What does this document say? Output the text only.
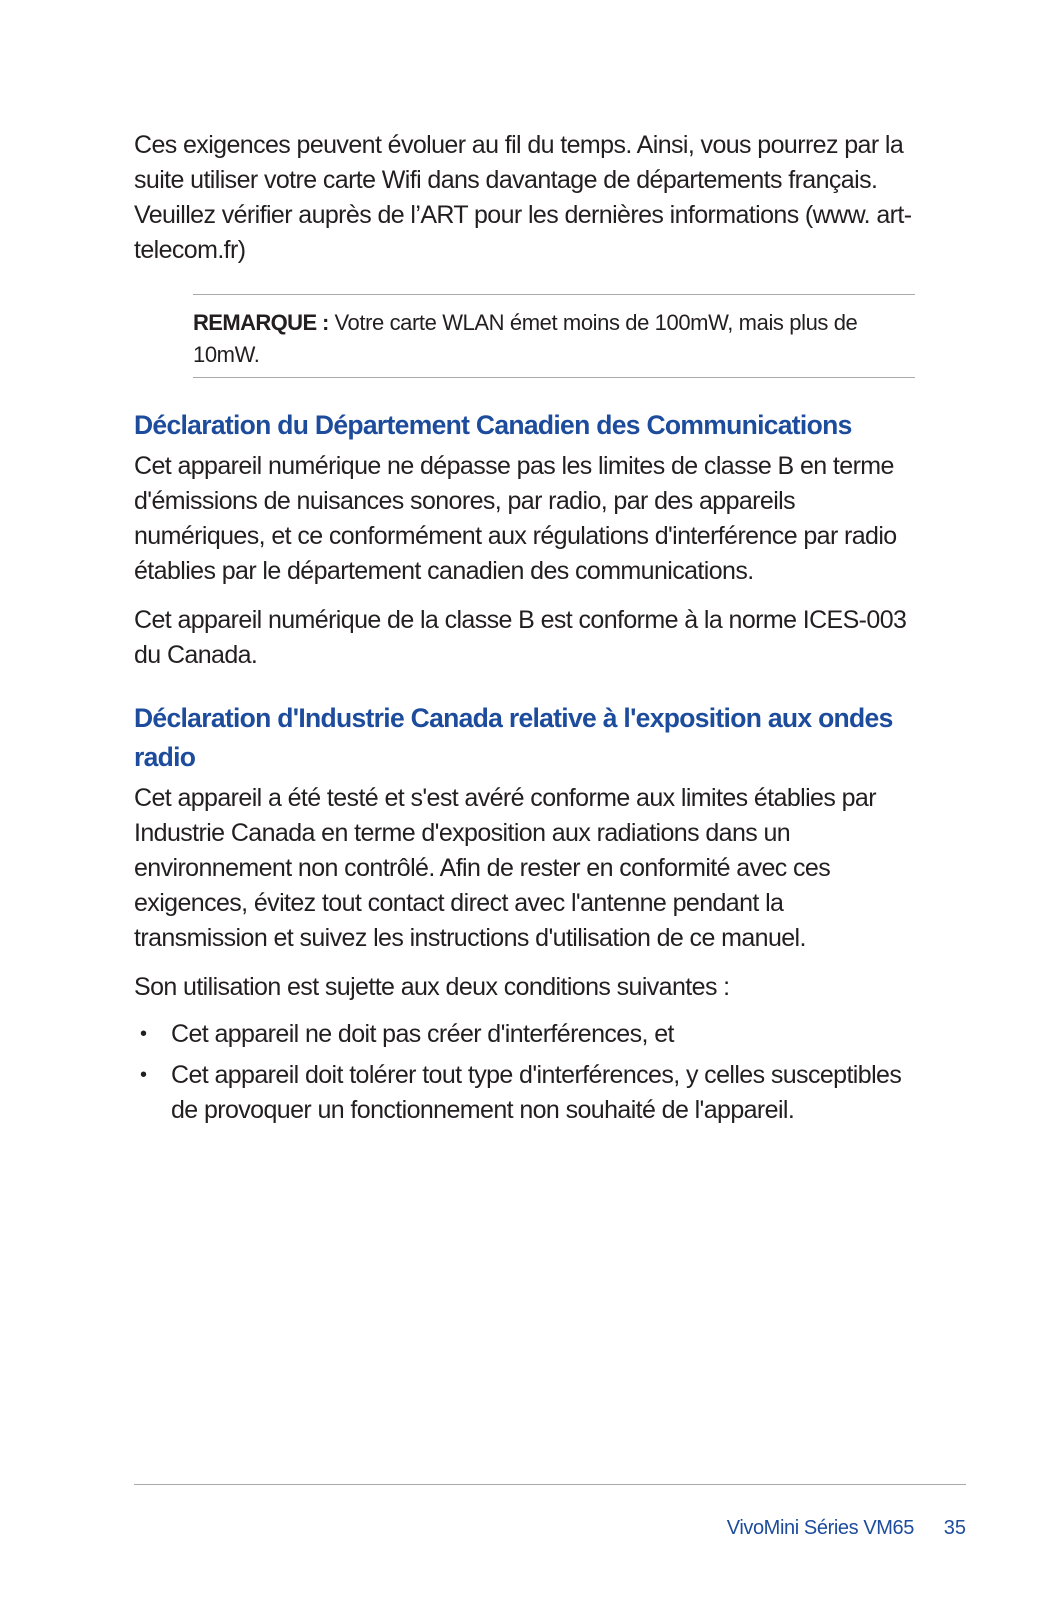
Ces exigences peuvent évoluer au fil du temps. Ainsi, vous pourrez par la suite utiliser votre carte Wifi dans davantage de départements français. Veuillez vérifier auprès de l’ART pour les dernières informations (www. art-telecom.fr)

REMARQUE : Votre carte WLAN émet moins de 100mW, mais plus de 10mW.

Déclaration du Département Canadien des Communications

Cet appareil numérique ne dépasse pas les limites de classe B en terme d'émissions de nuisances sonores, par radio, par des appareils numériques, et ce conformément aux régulations d'interférence par radio établies par le département canadien des communications.

Cet appareil numérique de la classe B est conforme à la norme ICES-003 du Canada.

Déclaration d'Industrie Canada relative à l'exposition aux ondes radio

Cet appareil a été testé et s'est avéré conforme aux limites établies par Industrie Canada en terme d'exposition aux radiations dans un environnement non contrôlé. Afin de rester en conformité avec ces exigences, évitez tout contact direct avec l'antenne pendant la transmission et suivez les instructions d'utilisation de ce manuel.

Son utilisation est sujette aux deux conditions suivantes :

• Cet appareil ne doit pas créer d'interférences, et
• Cet appareil doit tolérer tout type d'interférences, y celles susceptibles de provoquer un fonctionnement non souhaité de l'appareil.
VivoMini Séries VM65 35
